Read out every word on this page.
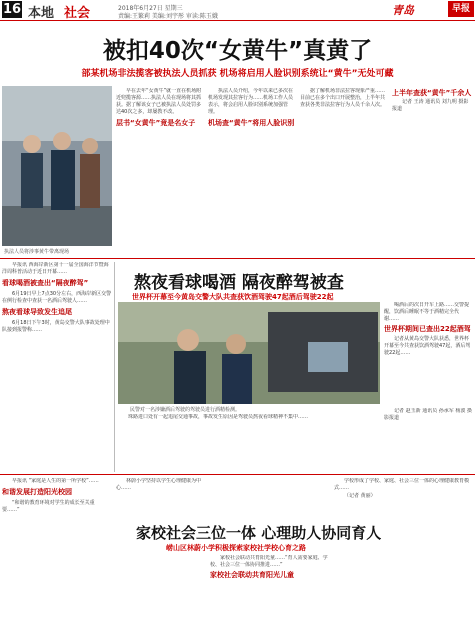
16 本地 社会	2018年6月27日 星期三
责编:王繁莉 美编:刘宇彤 审读:陈玉娥	青岛	早报
被扣40次“女黄牛”真黄了
部某机场非法揽客被执法人员抓获 机场将启用人脸识别系统让“黄牛”无处可藏
执法人员将涉事黄牛带离现场

早在去年“女黄牛”就一直在机场附近兜揽客源……执法人员在现场将其抓获。据了解该女子已被执法人员处罚多达40次之多，却屡教不改。

层书“女黄牛”竟是名女子

执法人员介绍，今年以来已多次在机场发现其拉客行为……机场工作人员表示，将会启用人脸识别系统加强管理。

机场查“黄牛”将用人脸识别

据了解机场非法拉客现象严重……目前已在多个出口开展整治，上半年共查获各类非法拉客行为人员千余人次。

上半年查获“黄牛”千余人

记者 王涛 通讯员 刘九明 摄影报道

早报讯 西海岸新区第十一届全国海洋节暨海洋周科普活动于近日开幕……

看球喝酒被查出“隔夜醉驾”

6月19日早上7点30分左右，西海岸新区交警在例行检查中查获一名酒后驾驶人……

熬夜看球导致发生追尾

6月18日下午3时，黄岛交警大队事故处理中队接到报警称……

熬夜看球喝酒 隔夜醉驾被查
世界杯开幕至今黄岛交警大队共查获饮酒驾驶47起酒后驾驶22起

喝酒后的次日开车上路……交警提醒，饮酒后睡眠不等于酒精完全代谢……

世界杯期间已查出22起酒驾

记者从黄岛交警大队获悉，世界杯开幕至今共查获饮酒驾驶47起，酒后驾驶22起……

民警对一名涉嫌酒后驾驶的驾驶员进行酒精检测。

珠路进口处有一起追尾交通事故，事故发生原因是驾驶员熬夜看球精神不集中……

记者 赵玉新 通讯员 孙承军 杨波 摄影报道

早报讯 “家庭是人生的第一所学校”……

和谐发展打造阳光校园

“和谐的教育环境对学生的成长至关重要……”

家校社会三位一体 心理助人协同育人
崂山区林蔚小学积极探索家校社学校心育之路

林蔚小学坚持以学生心理健康为中心……

家校社会联动共育阳光童……“育人需要家庭、学校、社会三位一体协同推进……”

家校社会联动共育阳光儿童

学校形成了学校、家庭、社会三位一体的心理健康教育模式……

（记者 黄丽）
